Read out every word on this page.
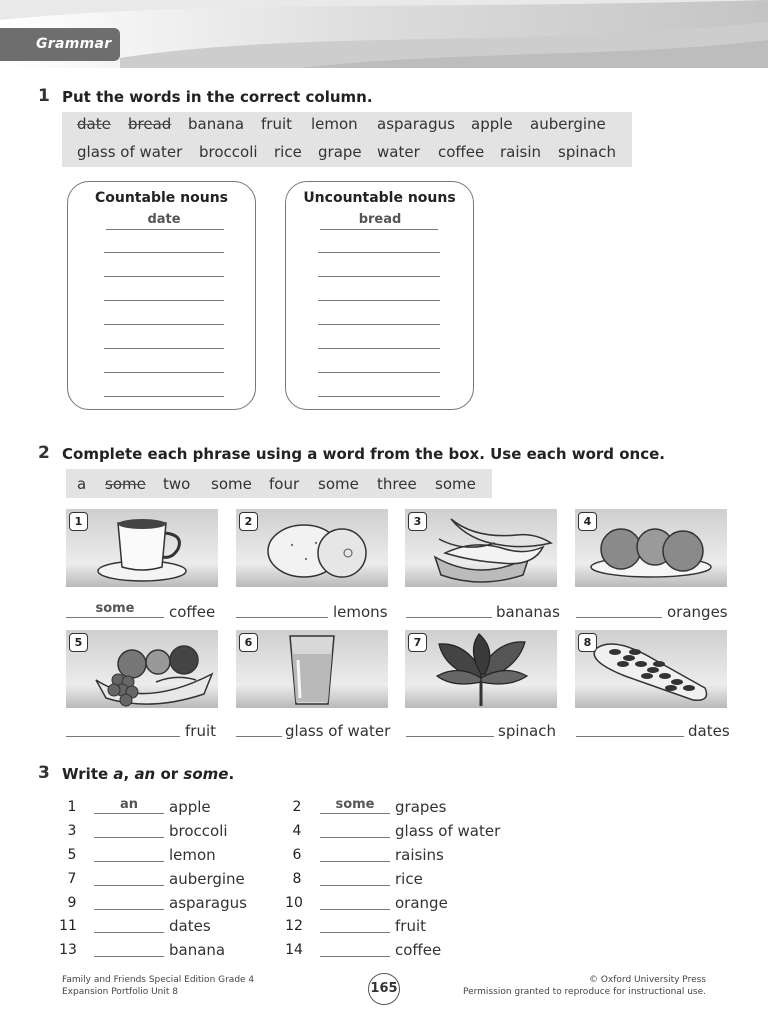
Grammar
1 Put the words in the correct column.
date bread banana fruit lemon asparagus apple aubergine
glass of water broccoli rice grape water coffee raisin spinach
Countable nouns
date
Uncountable nouns
bread
2 Complete each phrase using a word from the box. Use each word once.
a some two some four some three some
1	2	3	4
some	coffee	lemons	bananas	oranges
5	6	7	8
fruit	glass of water	spinach	dates
3 Write a, an or some.
1	an	apple
3	broccoli
5	lemon
7	aubergine
9	asparagus
11	dates
13	banana
2	some	grapes
4	glass of water
6	raisins
8	rice
10	orange
12	fruit
14	coffee
Family and Friends Special Edition Grade 4
Expansion Portfolio Unit 8	165
© Oxford University Press
Permission granted to reproduce for instructional use.
